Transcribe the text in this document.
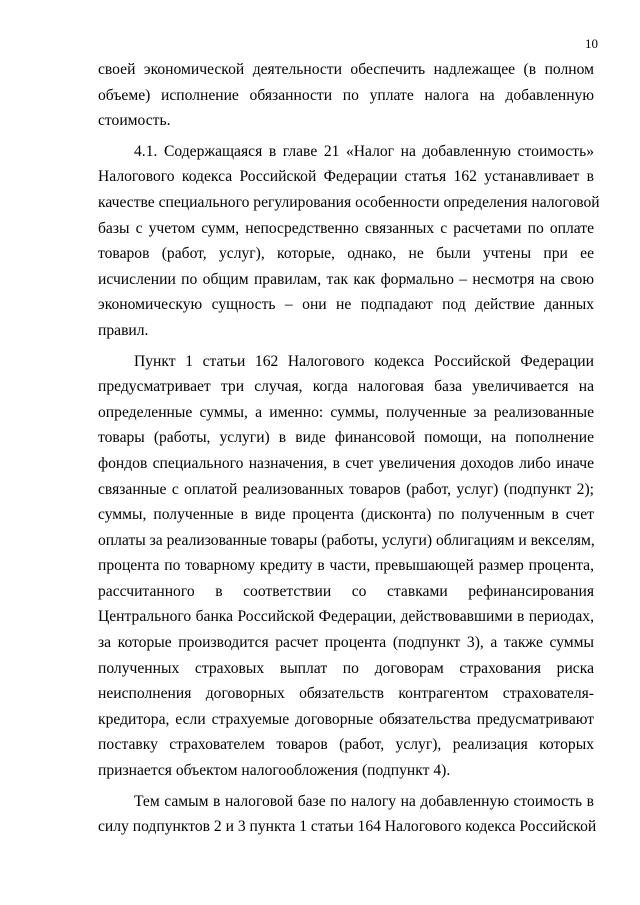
10
своей экономической деятельности обеспечить надлежащее (в полном
объеме) исполнение обязанности по уплате налога на добавленную
стоимость.
4.1. Содержащаяся в главе 21 «Налог на добавленную стоимость»
Налогового кодекса Российской Федерации статья 162 устанавливает в
качестве специального регулирования особенности определения налоговой
базы с учетом сумм, непосредственно связанных с расчетами по оплате
товаров (работ, услуг), которые, однако, не были учтены при ее
исчислении по общим правилам, так как формально – несмотря на свою
экономическую сущность – они не подпадают под действие данных
правил.
Пункт 1 статьи 162 Налогового кодекса Российской Федерации
предусматривает три случая, когда налоговая база увеличивается на
определенные суммы, а именно: суммы, полученные за реализованные
товары (работы, услуги) в виде финансовой помощи, на пополнение
фондов специального назначения, в счет увеличения доходов либо иначе
связанные с оплатой реализованных товаров (работ, услуг) (подпункт 2);
суммы, полученные в виде процента (дисконта) по полученным в счет
оплаты за реализованные товары (работы, услуги) облигациям и векселям,
процента по товарному кредиту в части, превышающей размер процента,
рассчитанного в соответствии со ставками рефинансирования
Центрального банка Российской Федерации, действовавшими в периодах,
за которые производится расчет процента (подпункт 3), а также суммы
полученных страховых выплат по договорам страхования риска
неисполнения договорных обязательств контрагентом страхователя-
кредитора, если страхуемые договорные обязательства предусматривают
поставку страхователем товаров (работ, услуг), реализация которых
признается объектом налогообложения (подпункт 4).
Тем самым в налоговой базе по налогу на добавленную стоимость в
силу подпунктов 2 и 3 пункта 1 статьи 164 Налогового кодекса Российской
